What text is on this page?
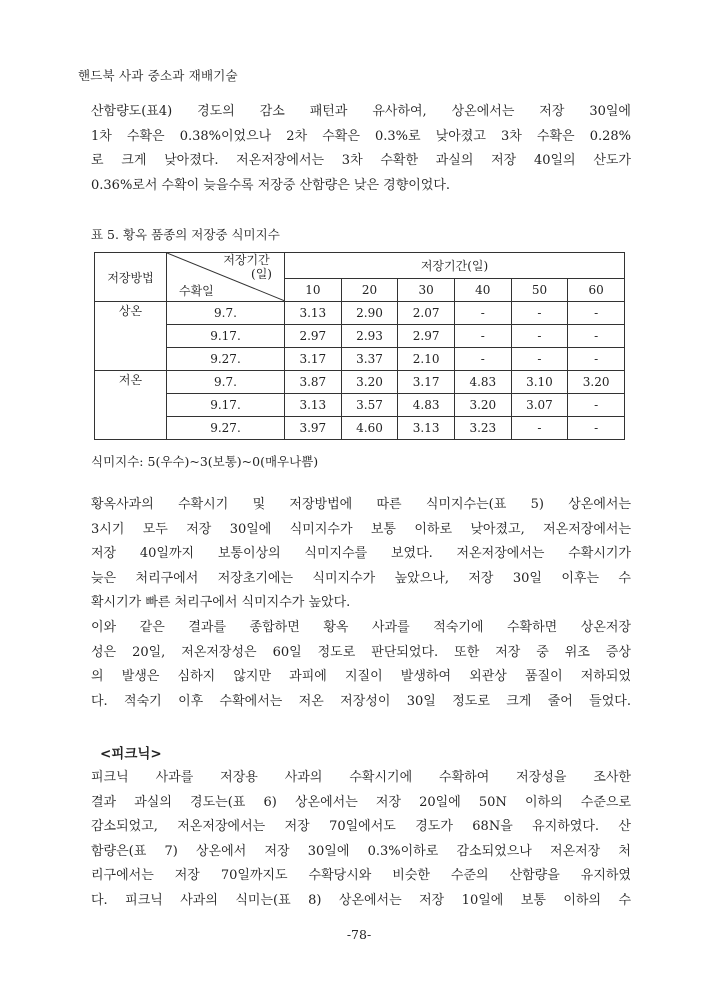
핸드북 사과 중소과 재배기술
산함량도(표4) 경도의 감소 패턴과 유사하여, 상온에서는 저장 30일에
1차 수확은 0.38%이었으나 2차 수확은 0.3%로 낮아졌고 3차 수확은 0.28%
로 크게 낮아졌다. 저온저장에서는 3차 수확한 과실의 저장 40일의 산도가
0.36%로서 수확이 늦을수록 저장중 산함량은 낮은 경향이었다.
표 5. 황옥 품종의 저장중 식미지수
저장방법	저장기간
(일)
수확일	저장기간(일)					
		10	20	30	40	50	60
상온	9.7.	3.13	2.90	2.07	-	-	-
	9.17.	2.97	2.93	2.97	-	-	-
	9.27.	3.17	3.37	2.10	-	-	-
저온	9.7.	3.87	3.20	3.17	4.83	3.10	3.20
	9.17.	3.13	3.57	4.83	3.20	3.07	-
	9.27.	3.97	4.60	3.13	3.23	-	-
식미지수: 5(우수)~3(보통)~0(매우나쁨)
황옥사과의 수확시기 및 저장방법에 따른 식미지수는(표 5) 상온에서는
3시기 모두 저장 30일에 식미지수가 보통 이하로 낮아졌고, 저온저장에서는
저장 40일까지 보통이상의 식미지수를 보였다. 저온저장에서는 수확시기가
늦은 처리구에서 저장초기에는 식미지수가 높았으나, 저장 30일 이후는 수
확시기가 빠른 처리구에서 식미지수가 높았다.
이와 같은 결과를 종합하면 황옥 사과를 적숙기에 수확하면 상온저장
성은 20일, 저온저장성은 60일 정도로 판단되었다. 또한 저장 중 위조 증상
의 발생은 심하지 않지만 과피에 지질이 발생하여 외관상 품질이 저하되었
다. 적숙기 이후 수확에서는 저온 저장성이 30일 정도로 크게 줄어 들었다.
<피크닉>
피크닉 사과를 저장용 사과의 수확시기에 수확하여 저장성을 조사한
결과 과실의 경도는(표 6) 상온에서는 저장 20일에 50N 이하의 수준으로
감소되었고, 저온저장에서는 저장 70일에서도 경도가 68N을 유지하였다. 산
함량은(표 7) 상온에서 저장 30일에 0.3%이하로 감소되었으나 저온저장 처
리구에서는 저장 70일까지도 수확당시와 비슷한 수준의 산함량을 유지하였
다. 피크닉 사과의 식미는(표 8) 상온에서는 저장 10일에 보통 이하의 수
-78-
